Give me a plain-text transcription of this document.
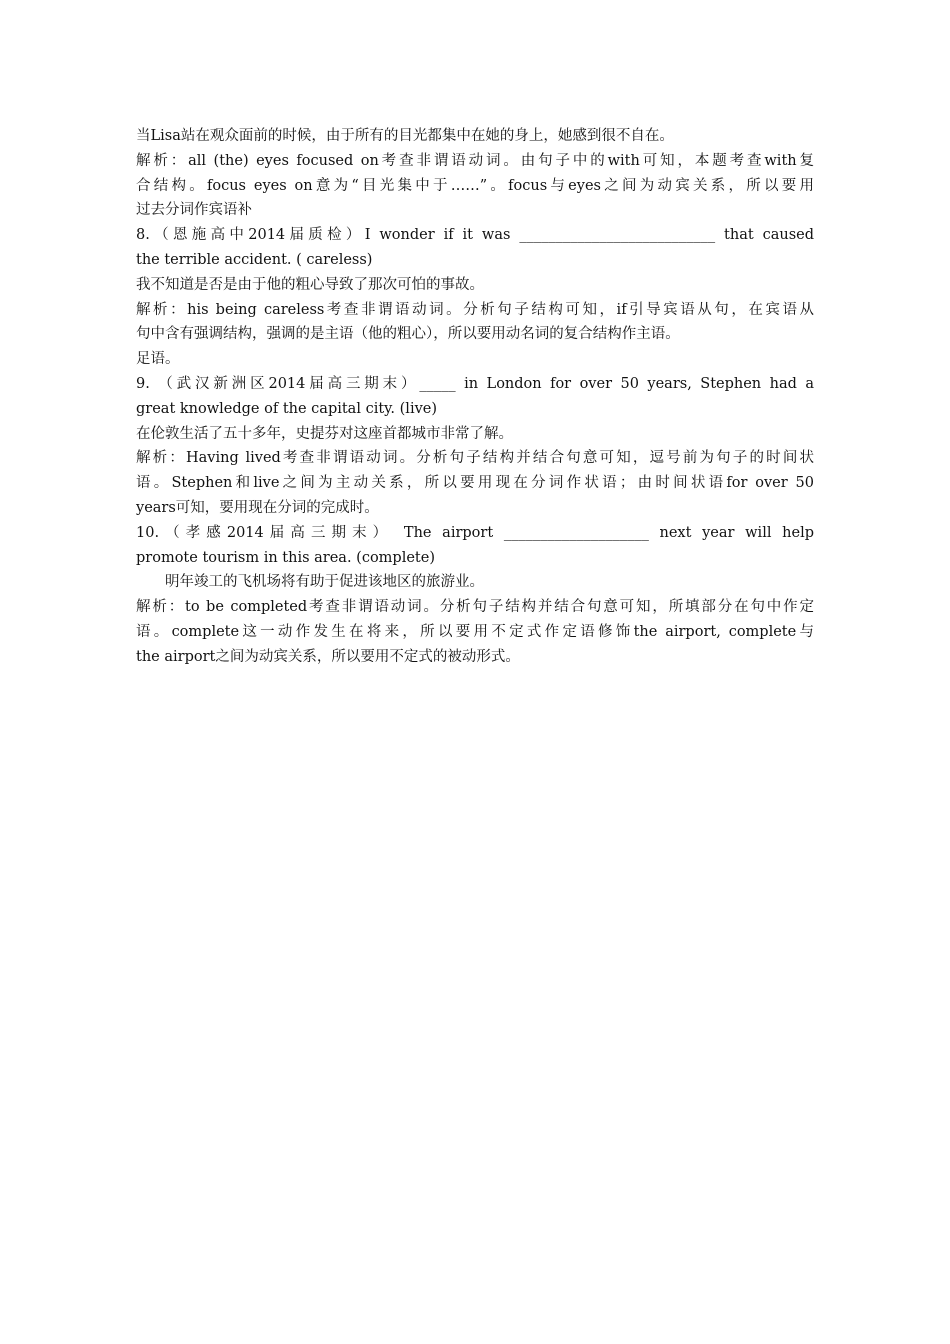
当Lisa站在观众面前的时候，由于所有的目光都集中在她的身上，她感到很不自在。
解析：all (the) eyes focused on考查非谓语动词。由句子中的with可知，本题考查with复
合结构。focus eyes on意为“目光集中于……”。focus与eyes之间为动宾关系，所以要用
过去分词作宾语补
8.（恩施高中2014届质检）I wonder if it was ___________________________ that caused
the terrible accident. ( careless)
我不知道是否是由于他的粗心导致了那次可怕的事故。
解析：his being careless考查非谓语动词。分析句子结构可知，if引导宾语从句，在宾语从
句中含有强调结构，强调的是主语（他的粗心），所以要用动名词的复合结构作主语。
足语。
9. （武汉新洲区2014届高三期末）_____ in London for over 50 years, Stephen had a
great knowledge of the capital city. (live)
在伦敦生活了五十多年，史提芬对这座首都城市非常了解。
解析：Having lived考查非谓语动词。分析句子结构并结合句意可知，逗号前为句子的时间状
语。Stephen和live之间为主动关系，所以要用现在分词作状语；由时间状语for over 50
years可知，要用现在分词的完成时。
10.（孝感2014届高三期末） The airport ____________________ next year will help
promote tourism in this area. (complete)
明年竣工的飞机场将有助于促进该地区的旅游业。
解析：to be completed考查非谓语动词。分析句子结构并结合句意可知，所填部分在句中作定
语。complete这一动作发生在将来，所以要用不定式作定语修饰the airport, complete与
the airport之间为动宾关系，所以要用不定式的被动形式。
